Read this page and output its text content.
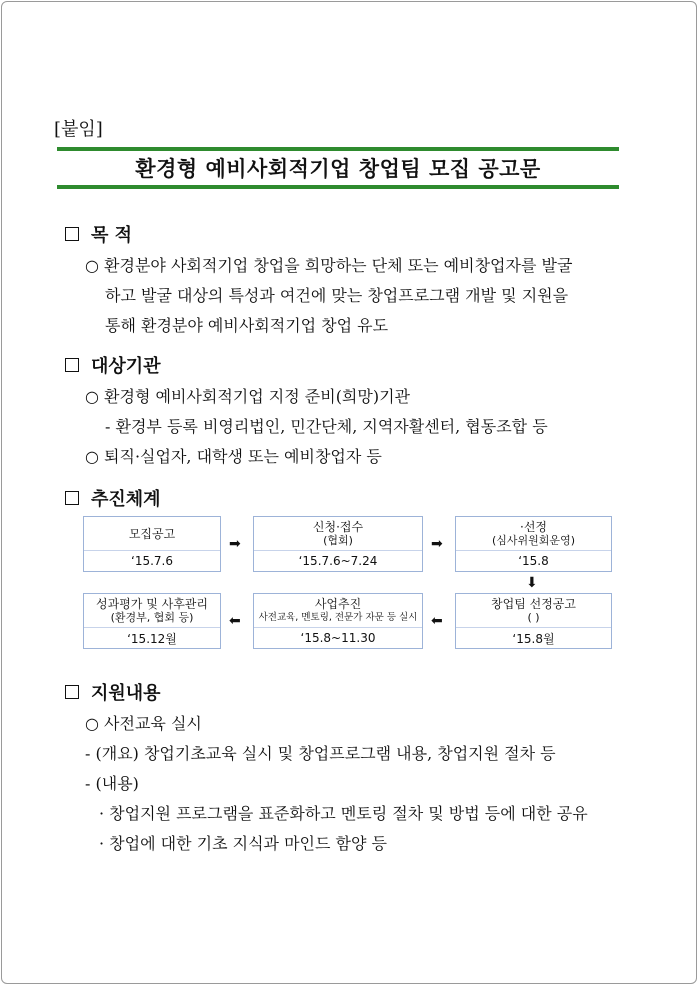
[붙임]
환경형 예비사회적기업 창업팀 모집 공고문
목 적
○ 환경분야 사회적기업 창업을 희망하는 단체 또는 예비창업자를 발굴
하고 발굴 대상의 특성과 여건에 맞는 창업프로그램 개발 및 지원을
통해 환경분야 예비사회적기업 창업 유도
대상기관
○ 환경형 예비사회적기업 지정 준비(희망)기관
- 환경부 등록 비영리법인, 민간단체, 지역자활센터, 협동조합 등
○ 퇴직·실업자, 대학생 또는 예비창업자 등
추진체계
모집공고
‘15.7.6
➡
신청·접수
(협회)
‘15.7.6~7.24
➡
·선정
(심사위원회운영)
‘15.8
⬇
성과평가 및 사후관리
(환경부, 협회 등)
‘15.12월
⬅
사업추진
사전교육, 멘토링, 전문가 자문 등 실시
‘15.8~11.30
⬅
창업팀 선정공고
( )
‘15.8월
지원내용
○ 사전교육 실시
- (개요) 창업기초교육 실시 및 창업프로그램 내용, 창업지원 절차 등
- (내용)
· 창업지원 프로그램을 표준화하고 멘토링 절차 및 방법 등에 대한 공유
· 창업에 대한 기초 지식과 마인드 함양 등
